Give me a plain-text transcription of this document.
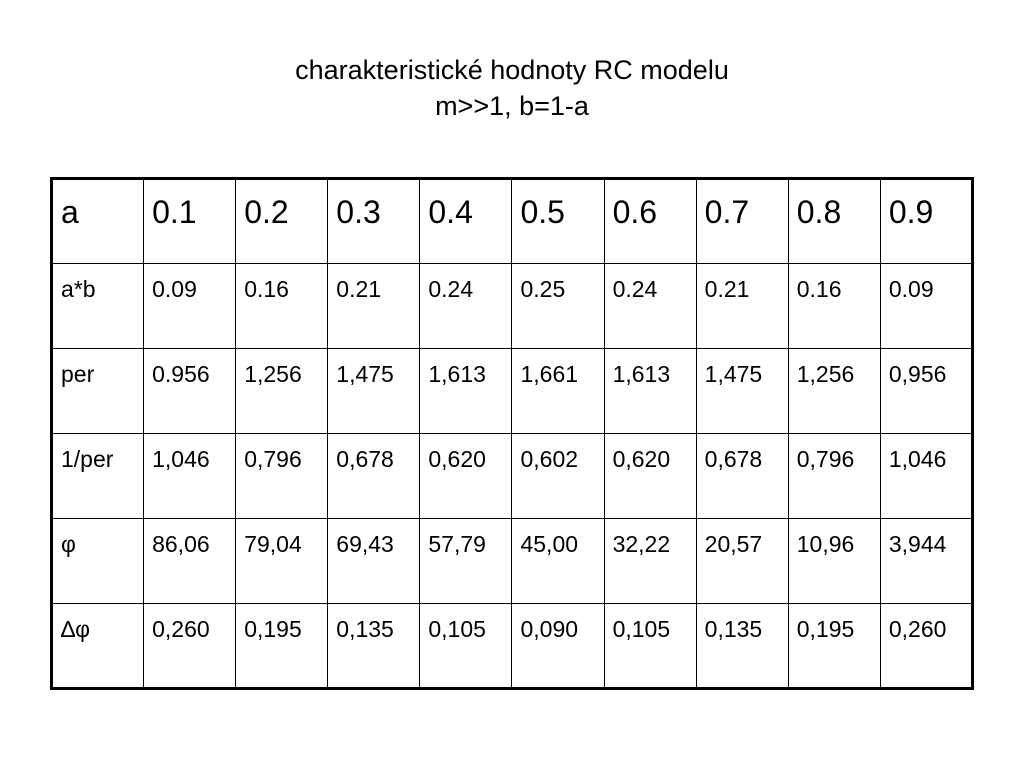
charakteristické hodnoty RC modelu
m>>1, b=1-a
a	0.1	0.2	0.3	0.4	0.5	0.6	0.7	0.8	0.9
a*b	0.09	0.16	0.21	0.24	0.25	0.24	0.21	0.16	0.09
per	0.956	1,256	1,475	1,613	1,661	1,613	1,475	1,256	0,956
1/per	1,046	0,796	0,678	0,620	0,602	0,620	0,678	0,796	1,046
φ	86,06	79,04	69,43	57,79	45,00	32,22	20,57	10,96	3,944
∆φ	0,260	0,195	0,135	0,105	0,090	0,105	0,135	0,195	0,260
